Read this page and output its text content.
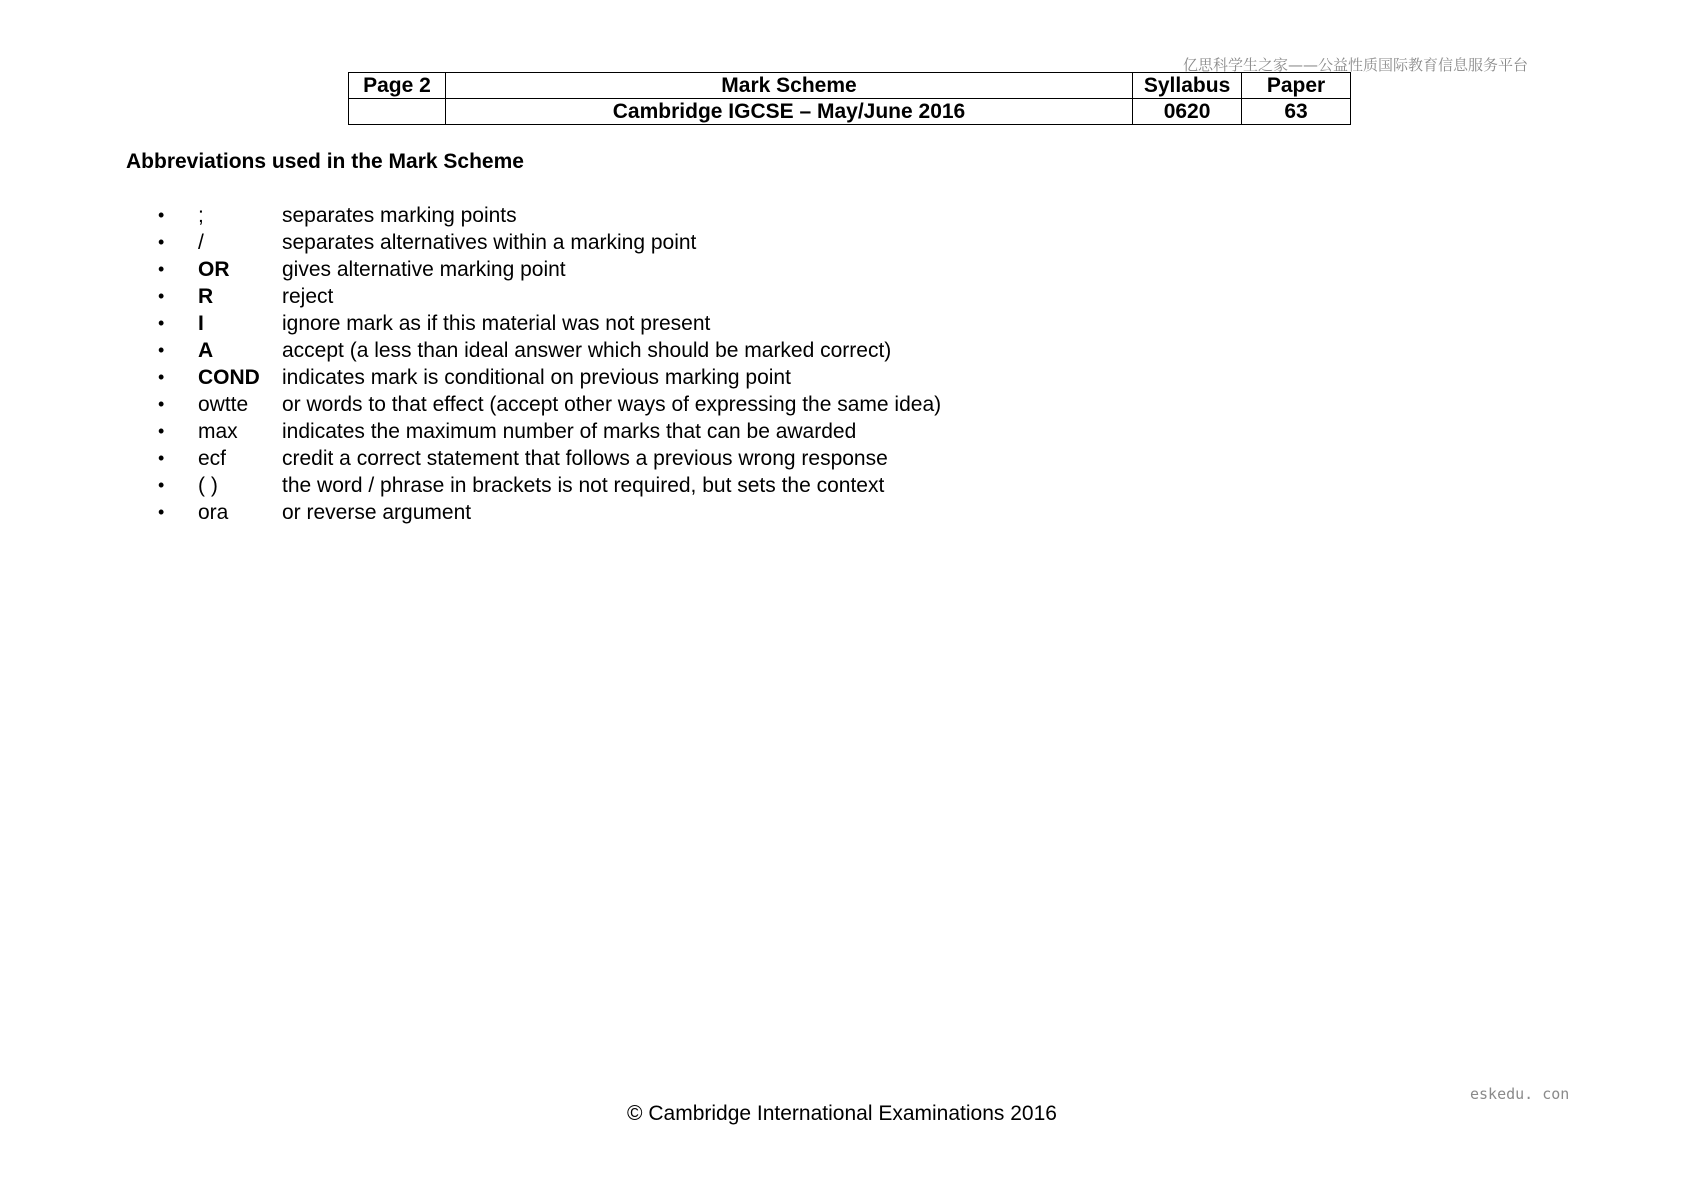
亿思科学生之家——公益性质国际教育信息服务平台
Page 2	Mark Scheme	Syllabus	Paper
	Cambridge IGCSE – May/June 2016	0620	63
Abbreviations used in the Mark Scheme
•	;	separates marking points
•	/	separates alternatives within a marking point
•	OR	gives alternative marking point
•	R	reject
•	I	ignore mark as if this material was not present
•	A	accept (a less than ideal answer which should be marked correct)
•	COND	indicates mark is conditional on previous marking point
•	owtte	or words to that effect (accept other ways of expressing the same idea)
•	max	indicates the maximum number of marks that can be awarded
•	ecf	credit a correct statement that follows a previous wrong response
•	( )	the word / phrase in brackets is not required, but sets the context
•	ora	or reverse argument
eskedu. con
© Cambridge International Examinations 2016
